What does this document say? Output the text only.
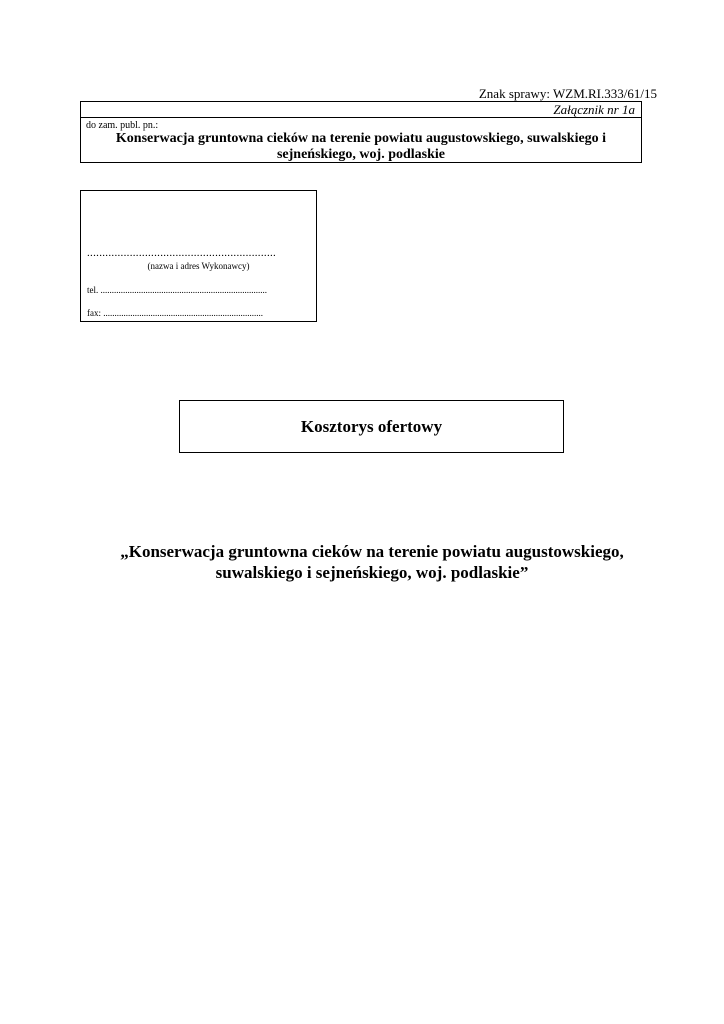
Znak sprawy: WZM.RI.333/61/15
Załącznik nr 1a
do zam. publ. pn.:
Konserwacja gruntowna cieków na terenie powiatu augustowskiego, suwalskiego i
sejneńskiego, woj. podlaskie
..............................................................
(nazwa i adres Wykonawcy)
tel. ..........................................................................
fax: .......................................................................
Kosztorys ofertowy
„Konserwacja gruntowna cieków na terenie powiatu augustowskiego,
suwalskiego i sejneńskiego, woj. podlaskie”
